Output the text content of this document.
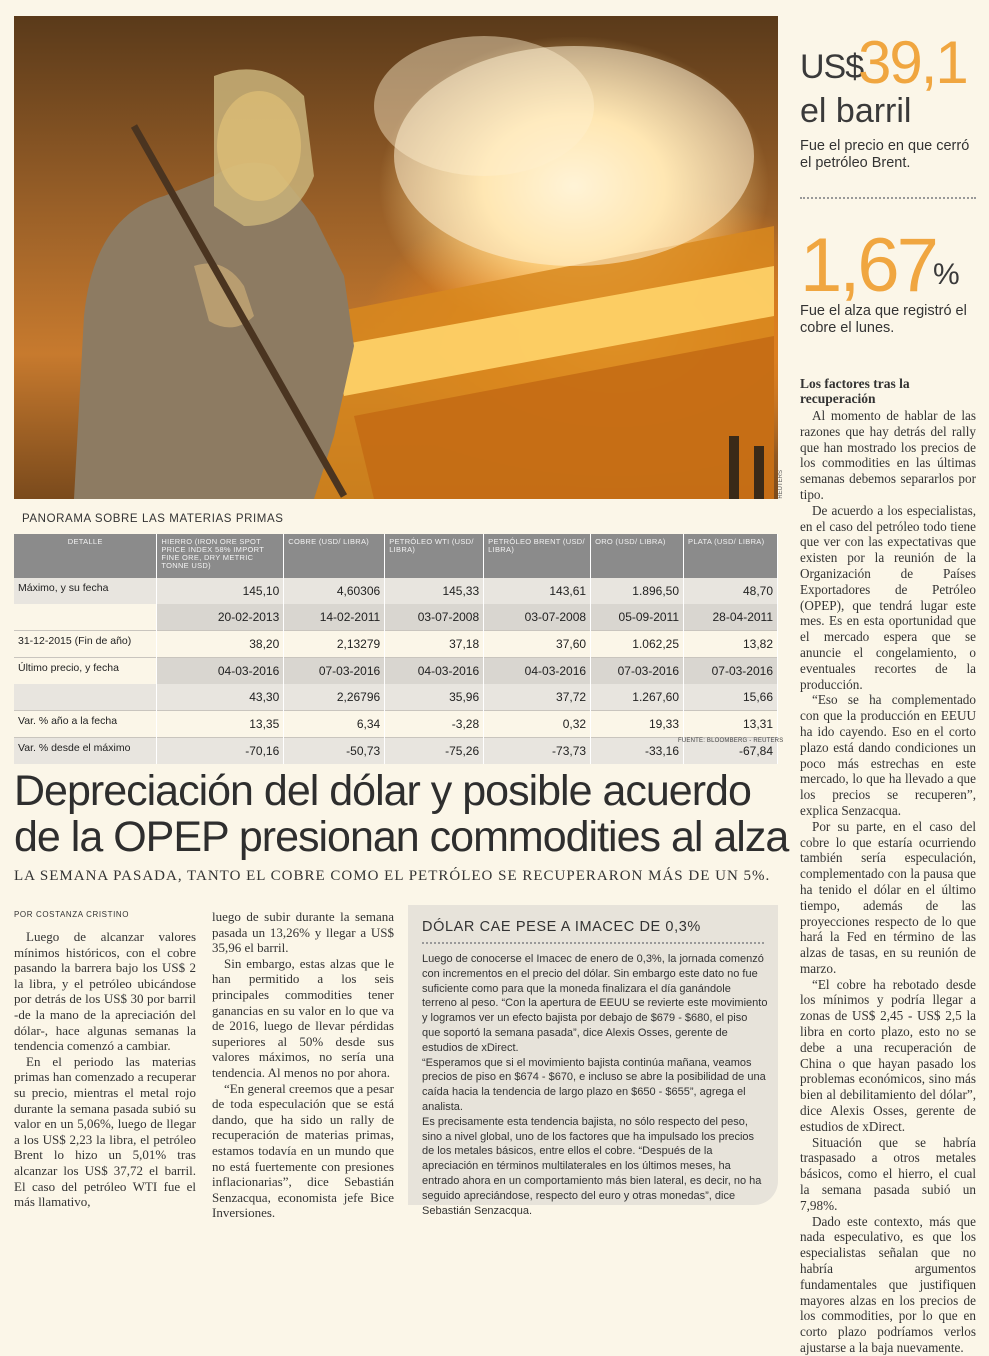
REUTERS
US$
39,1
el barril
Fue el precio en que cerró el petróleo Brent.
1,67
%
Fue el alza que registró el cobre el lunes.
Los factores tras la recuperación

Al momento de hablar de las razones que hay detrás del rally que han mostrado los precios de los commodities en las últimas semanas debemos separarlos por tipo.

De acuerdo a los especialistas, en el caso del petróleo todo tiene que ver con las expectativas que existen por la reunión de la Organización de Países Exportadores de Petróleo (OPEP), que tendrá lugar este mes. Es en esta oportunidad que el mercado espera que se anuncie el congelamiento, o eventuales recortes de la producción.

“Eso se ha complementado con que la producción en EEUU ha ido cayendo. Eso en el corto plazo está dando condiciones un poco más estrechas en este mercado, lo que ha llevado a que los precios se recuperen”, explica Senzacqua.

Por su parte, en el caso del cobre lo que estaría ocurriendo también sería especulación, complementado con la pausa que ha tenido el dólar en el último tiempo, además de las proyecciones respecto de lo que hará la Fed en término de las alzas de tasas, en su reunión de marzo.

“El cobre ha rebotado desde los mínimos y podría llegar a zonas de US$ 2,45 - US$ 2,5 la libra en corto plazo, esto no se debe a una recuperación de China o que hayan pasado los problemas económicos, sino más bien al debilitamiento del dólar”, dice Alexis Osses, gerente de estudios de xDirect.

Situación que se habría traspasado a otros metales básicos, como el hierro, el cual la semana pasada subió un 7,98%.

Dado este contexto, más que nada especulativo, es que los especialistas señalan que no habría argumentos fundamentales que justifiquen mayores alzas en los precios de los commodities, por lo que en corto plazo podríamos verlos ajustarse a la baja nuevamente.

PANORAMA SOBRE LAS MATERIAS PRIMAS
DETALLE	HIERRO (IRON ORE SPOT PRICE INDEX 58% IMPORT FINE ORE, DRY METRIC TONNE USD)	COBRE (USD/ LIBRA)	PETRÓLEO WTI (USD/ LIBRA)	PETRÓLEO BRENT (USD/ LIBRA)	ORO (USD/ LIBRA)	PLATA (USD/ LIBRA)
Máximo, y su fecha	145,10	4,60306	145,33	143,61	1.896,50	48,70
	20-02-2013	14-02-2011	03-07-2008	03-07-2008	05-09-2011	28-04-2011
31-12-2015 (Fin de año)	38,20	2,13279	37,18	37,60	1.062,25	13,82
Último precio, y fecha	04-03-2016	07-03-2016	04-03-2016	04-03-2016	07-03-2016	07-03-2016
	43,30	2,26796	35,96	37,72	1.267,60	15,66
Var. % año a la fecha	13,35	6,34	-3,28	0,32	19,33	13,31
Var. % desde el máximo	-70,16	-50,73	-75,26	-73,73	-33,16	-67,84
FUENTE: BLOOMBERG - REUTERS
Depreciación del dólar y posible acuerdo de la OPEP presionan commodities al alza
LA SEMANA PASADA, TANTO EL COBRE COMO EL PETRÓLEO SE RECUPERARON MÁS DE UN 5%.
POR COSTANZA CRISTINO

Luego de alcanzar valores mínimos históricos, con el cobre pasando la barrera bajo los US$ 2 la libra, y el petróleo ubicándose por detrás de los US$ 30 por barril -de la mano de la apreciación del dólar-, hace algunas semanas la tendencia comenzó a cambiar.

En el periodo las materias primas han comenzado a recuperar su precio, mientras el metal rojo durante la semana pasada subió su valor en un 5,06%, luego de llegar a los US$ 2,23 la libra, el petróleo Brent lo hizo un 5,01% tras alcanzar los US$ 37,72 el barril. El caso del petróleo WTI fue el más llamativo,

luego de subir durante la semana pasada un 13,26% y llegar a US$ 35,96 el barril.

Sin embargo, estas alzas que le han permitido a los seis principales commodities tener ganancias en su valor en lo que va de 2016, luego de llevar pérdidas superiores al 50% desde sus valores máximos, no sería una tendencia. Al menos no por ahora.

“En general creemos que a pesar de toda especulación que se está dando, que ha sido un rally de recuperación de materias primas, estamos todavía en un mundo que no está fuertemente con presiones inflacionarias”, dice Sebastián Senzacqua, economista jefe Bice Inversiones.

DÓLAR CAE PESE A IMACEC DE 0,3%

Luego de conocerse el Imacec de enero de 0,3%, la jornada comenzó con incrementos en el precio del dólar. Sin embargo este dato no fue suficiente como para que la moneda finalizara el día ganándole terreno al peso. “Con la apertura de EEUU se revierte este movimiento y logramos ver un efecto bajista por debajo de $679 - $680, el piso que soportó la semana pasada”, dice Alexis Osses, gerente de estudios de xDirect.

“Esperamos que si el movimiento bajista continúa mañana, veamos precios de piso en $674 - $670, e incluso se abre la posibilidad de una caída hacia la tendencia de largo plazo en $650 - $655”, agrega el analista.

Es precisamente esta tendencia bajista, no sólo respecto del peso, sino a nivel global, uno de los factores que ha impulsado los precios de los metales básicos, entre ellos el cobre. “Después de la apreciación en términos multilaterales en los últimos meses, ha entrado ahora en un comportamiento más bien lateral, es decir, no ha seguido apreciándose, respecto del euro y otras monedas”, dice Sebastián Senzacqua.
